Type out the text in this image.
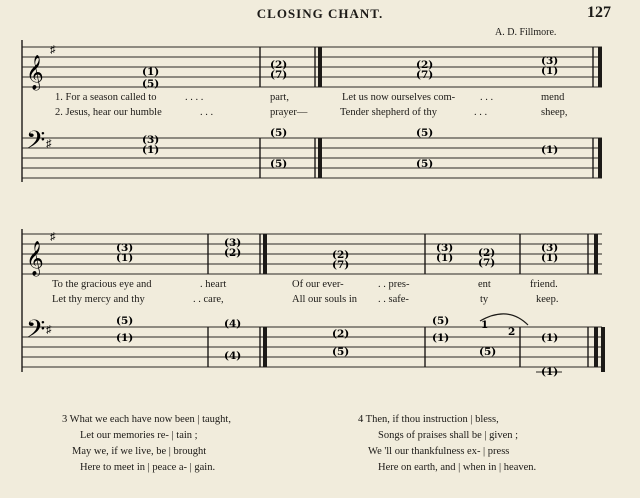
CLOSING CHANT.	127
A. D. Fillmore.
𝄞
𝄢
𝄞
𝄢
♯
♯
♯
♯
(1)
(5)
(2)
(7)
(2)
(7)
(3)
(1)
(3)
(1)
(5)
(5)
(5)
(5)
(1)
(3)
(1)
(3)
(2)	(2)
(7)
(3)
(1) (2)
(7)
(3)
(1)
(5)
(1)
(4)
(4)
(2)
(5)
(5)
(1)
1
2
(5)
(1)
(1)
1. For a season called to	. . . .	part,	Let us now ourselves com- . . .	mend
2. Jesus, hear our humble	. . .	prayer—	Tender shepherd of thy	. . .	sheep,
To the gracious eye and	. heart	Of our ever-	. . pres-	ent	friend.
Let thy mercy and thy	. . care,	All our souls in . . safe-	ty	keep.
3 What we each have now been | taught,
Let our memories re- | tain ;
May we, if we live, be | brought
Here to meet in | peace a- | gain.
4 Then, if thou instruction | bless,
Songs of praises shall be | given ;
We 'll our thankfulness ex- | press
Here on earth, and | when in | heaven.
